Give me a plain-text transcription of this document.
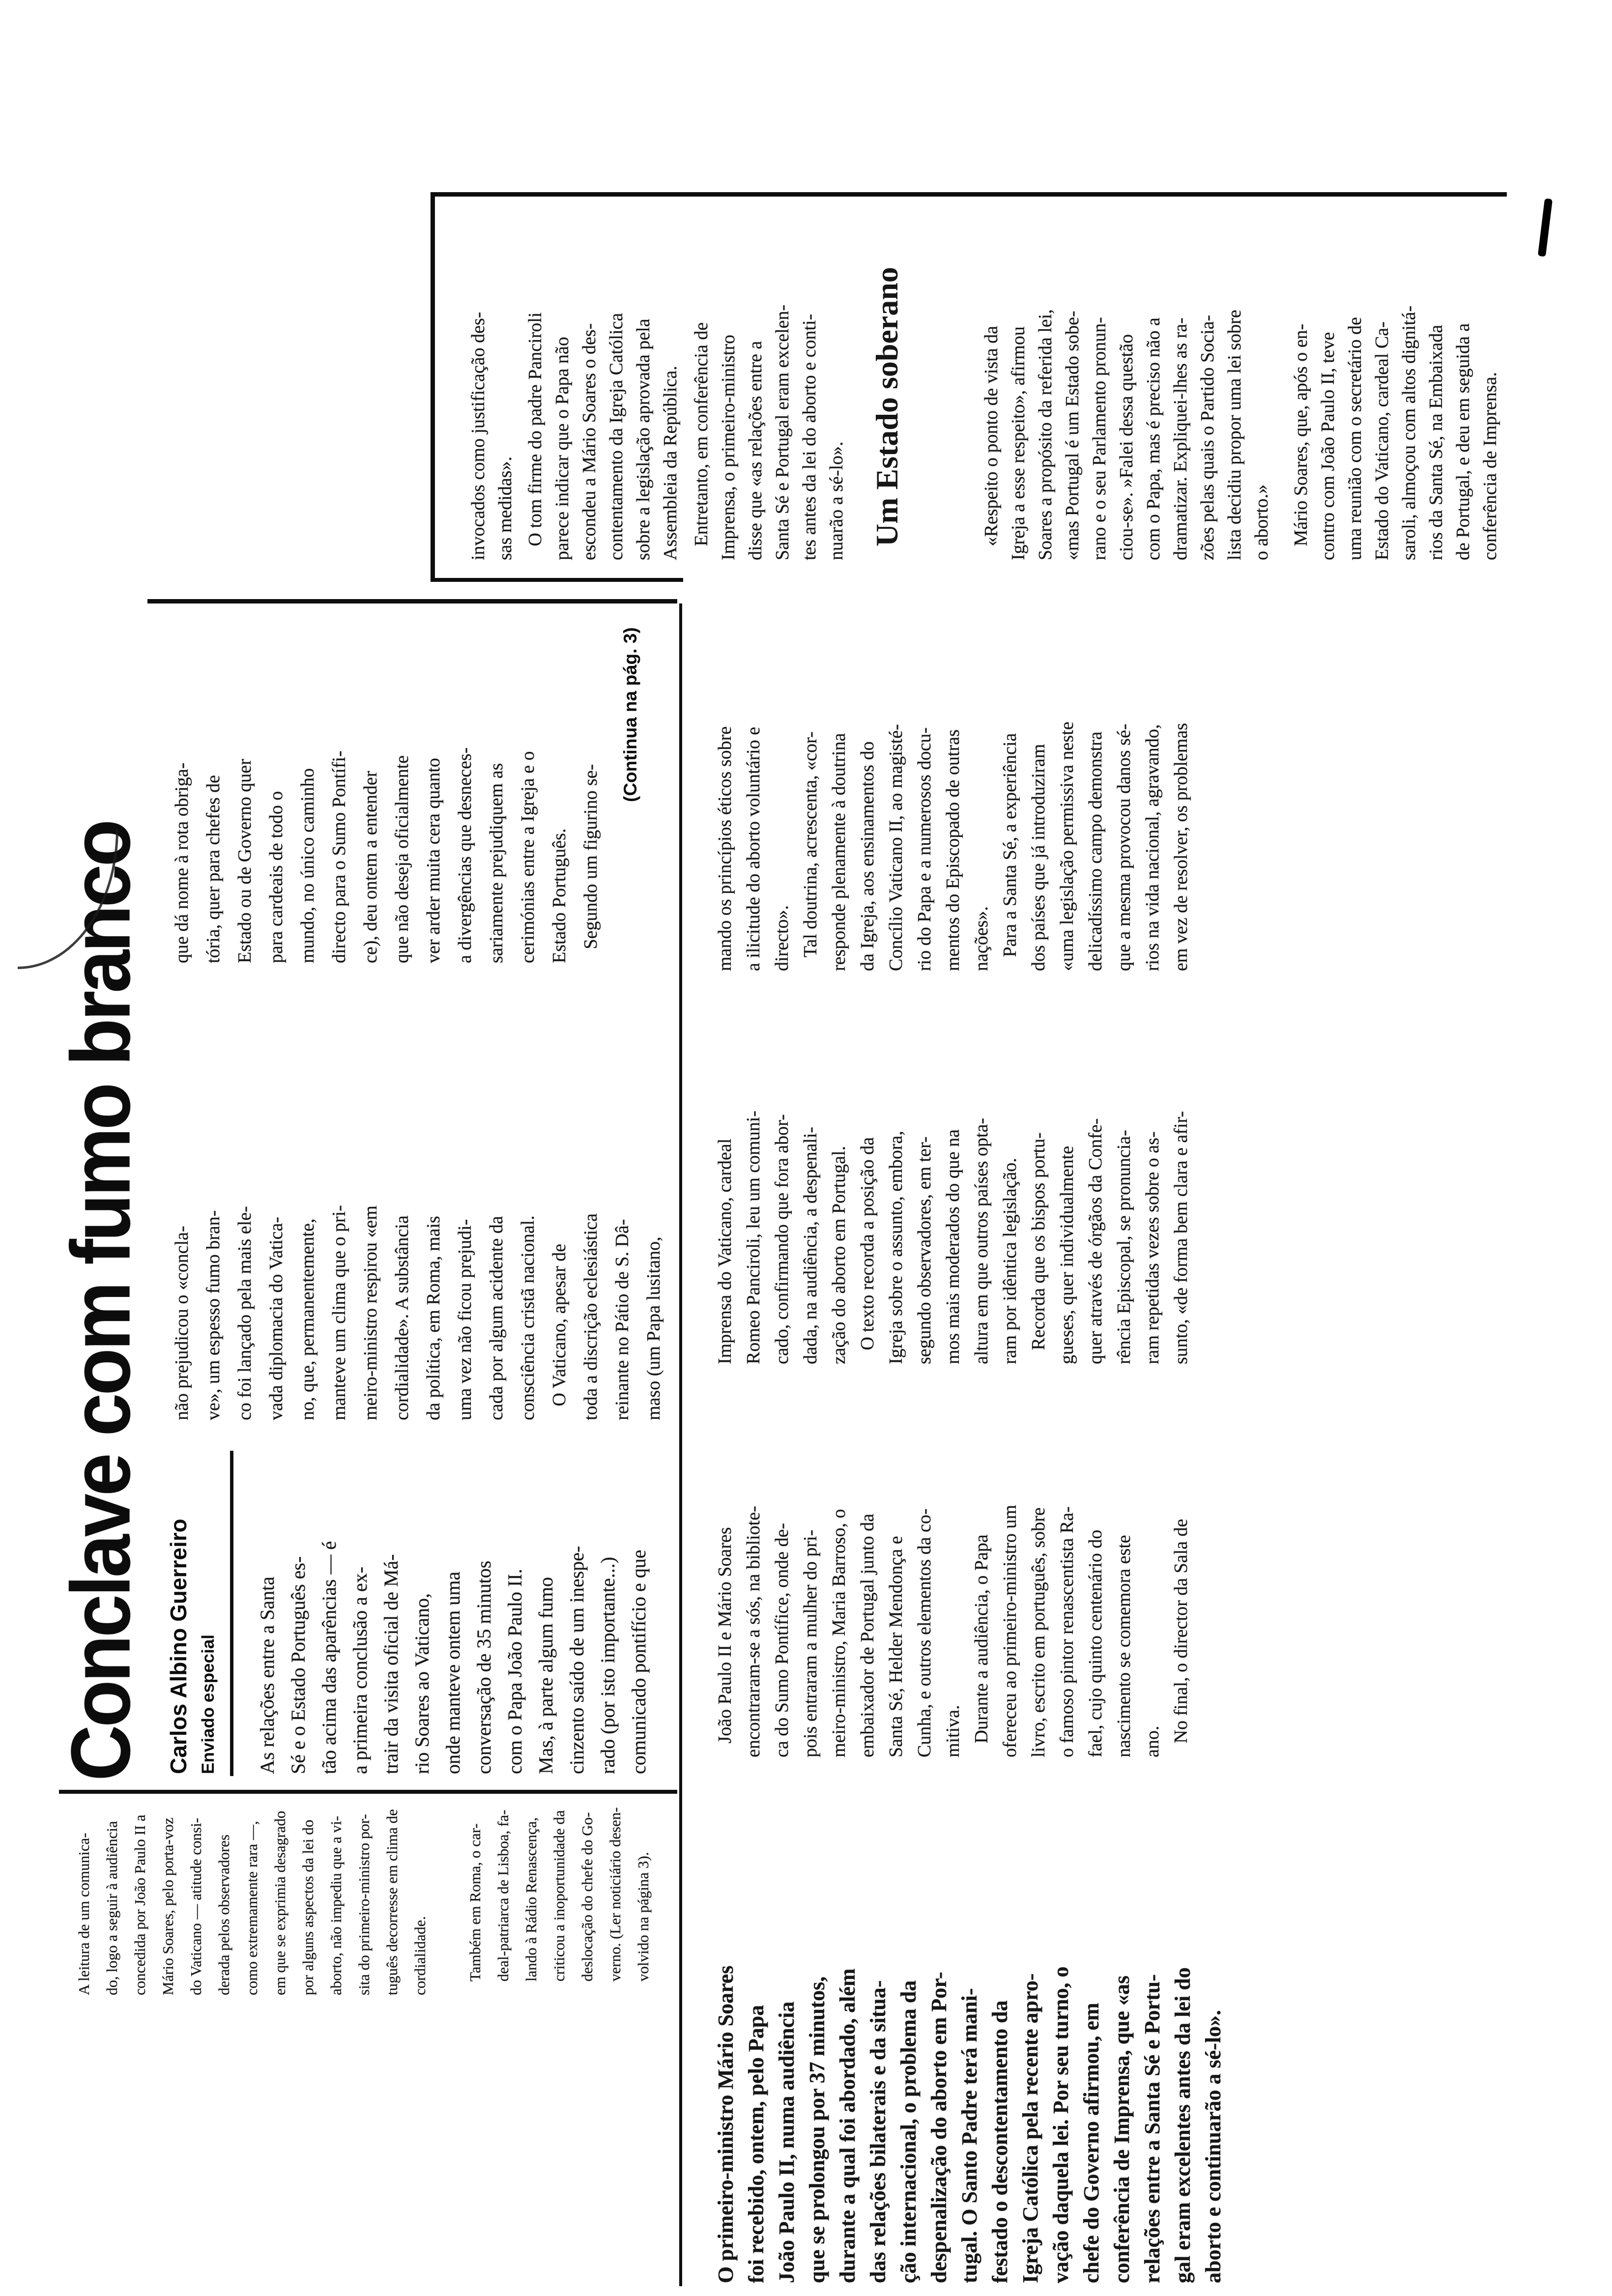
A leitura de um comunica- do, logo a seguir à audiência concedida por João Paulo II a Mário Soares, pelo porta-voz do Vaticano — atitude consi- derada pelos observadores como extremamente rara —, em que se exprimia desagrado por alguns aspectos da lei do aborto, não impediu que a vi- sita do primeiro-ministro por- tuguês decorresse em clima de cordialidade.	Também em Roma, o car- deal-patriarca de Lisboa, fa- lando à Rádio Renascença, criticou a inoportunidade da deslocação do chefe do Go- verno. (Ler noticiário desen- volvido na página 3).
Conclave com fumo branco Carlos Albino Guerreiro Enviado especial As relações entre a Santa Sé e o Estado Português es- tão acima das aparências — é a primeira conclusão a ex- trair da visita oficial de Má- rio Soares ao Vaticano, onde manteve ontem uma conversação de 35 minutos com o Papa João Paulo II. Mas, à parte algum fumo cinzento saído de um inespe- rado (por isto importante...) comunicado pontifício e que
não prejudicou o «concla- ve», um espesso fumo bran- co foi lançado pela mais ele- vada diplomacia do Vatica- no, que, permanentemente, manteve um clima que o pri- meiro-ministro respirou «em cordialidade». A substância da política, em Roma, mais uma vez não ficou prejudi- cada por algum acidente da consciência cristã nacional. O Vaticano, apesar de toda a discrição eclesiástica reinante no Pátio de S. Dâ- maso (um Papa lusitano,
que dá nome à rota obriga- tória, quer para chefes de Estado ou de Governo quer para cardeais de todo o mundo, no único caminho directo para o Sumo Pontífi- ce), deu ontem a entender que não deseja oficialmente ver arder muita cera quanto a divergências que desneces- sariamente prejudiquem as cerimónias entre a Igreja e o Estado Português. Segundo um figurino se-
(Continua na pág. 3)
invocados como justificação des- sas medidas». O tom firme do padre Panciroli parece indicar que o Papa não escondeu a Mário Soares o des- contentamento da Igreja Católica sobre a legislação aprovada pela Assembleia da República. Entretanto, em conferência de Imprensa, o primeiro-ministro disse que «as relações entre a Santa Sé e Portugal eram excelen- tes antes da lei do aborto e conti- nuarão a sé-lo». Um Estado soberano	«Respeito o ponto de vista da Igreja a esse respeito», afirmou Soares a propósito da referida lei, «mas Portugal é um Estado sobe- rano e o seu Parlamento pronun- ciou-se». »Falei dessa questão com o Papa, mas é preciso não a dramatizar. Expliquei-lhes as ra- zões pelas quais o Partido Socia- lista decidiu propor uma lei sobre o aborto.» Mário Soares, que, após o en- contro com João Paulo II, teve uma reunião com o secretário de Estado do Vaticano, cardeal Ca- saroli, almoçou com altos dignitá- rios da Santa Sé, na Embaixada de Portugal, e deu em seguida a conferência de Imprensa.
O primeiro-ministro Mário Soares foi recebido, ontem, pelo Papa João Paulo II, numa audiência que se prolongou por 37 minutos, durante a qual foi abordado, além das relações bilaterais e da situa- ção internacional, o problema da despenalização do aborto em Por- tugal. O Santo Padre terá mani- festado o descontentamento da Igreja Católica pela recente apro- vação daquela lei. Por seu turno, o chefe do Governo afirmou, em conferência de Imprensa, que «as relações entre a Santa Sé e Portu- gal eram excelentes antes da lei do aborto e continuarão a sé-lo».
João Paulo II e Mário Soares encontraram-se a sós, na bibliote- ca do Sumo Pontífice, onde de- pois entraram a mulher do pri- meiro-ministro, Maria Barroso, o embaixador de Portugal junto da Santa Sé, Helder Mendonça e Cunha, e outros elementos da co- mitiva. Durante a audiência, o Papa ofereceu ao primeiro-ministro um livro, escrito em português, sobre o famoso pintor renascentista Ra- fael, cujo quinto centenário do nascimento se comemora este ano. No final, o director da Sala de
Imprensa do Vaticano, cardeal Romeo Panciroli, leu um comuni- cado, confirmando que fora abor- dada, na audiência, a despenali- zação do aborto em Portugal. O texto recorda a posição da Igreja sobre o assunto, embora, segundo observadores, em ter- mos mais moderados do que na altura em que outros países opta- ram por idêntica legislação. Recorda que os bispos portu- gueses, quer individualmente quer através de órgãos da Confe- rência Episcopal, se pronuncia- ram repetidas vezes sobre o as- sunto, «de forma bem clara e afir-
mando os princípios éticos sobre a ilicitude do aborto voluntário e directo». Tal doutrina, acrescenta, «cor- responde plenamente à doutrina da Igreja, aos ensinamentos do Concílio Vaticano II, ao magisté- rio do Papa e a numerosos docu- mentos do Episcopado de outras nações». Para a Santa Sé, a experiência dos países que já introduziram «uma legislação permissiva neste delicadíssimo campo demonstra que a mesma provocou danos sé- rios na vida nacional, agravando, em vez de resolver, os problemas
